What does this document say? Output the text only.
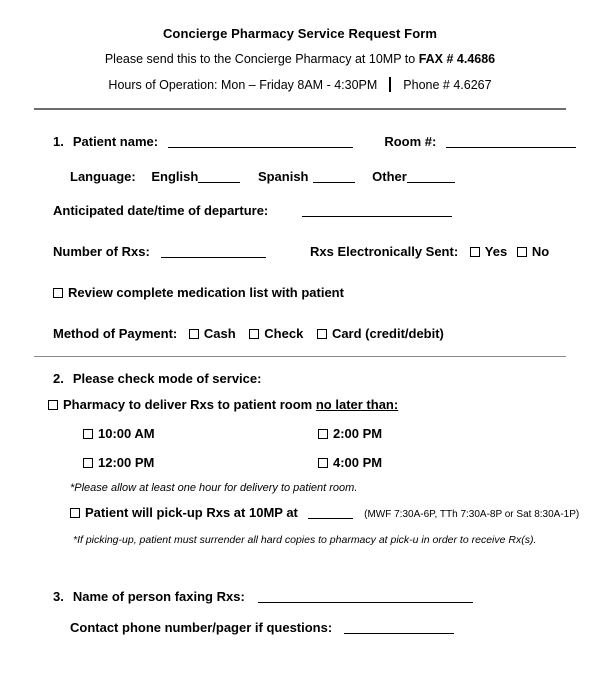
Concierge Pharmacy Service Request Form
Please send this to the Concierge Pharmacy at 10MP to FAX # 4.4686
Hours of Operation: Mon – Friday 8AM - 4:30PM Phone # 4.6267
1. Patient name:	Room #:
Language: English	Spanish	Other
Anticipated date/time of departure:
Number of Rxs:	Rxs Electronically Sent: Yes No
Review complete medication list with patient
Method of Payment: Cash Check Card (credit/debit)
2. Please check mode of service:
Pharmacy to deliver Rxs to patient room no later than:
10:00 AM	2:00 PM
12:00 PM	4:00 PM
*Please allow at least one hour for delivery to patient room.
Patient will pick-up Rxs at 10MP at	(MWF 7:30A-6P, TTh 7:30A-8P or Sat 8:30A-1P)
*If picking-up, patient must surrender all hard copies to pharmacy at pick-u in order to receive Rx(s).
3. Name of person faxing Rxs:
Contact phone number/pager if questions:
